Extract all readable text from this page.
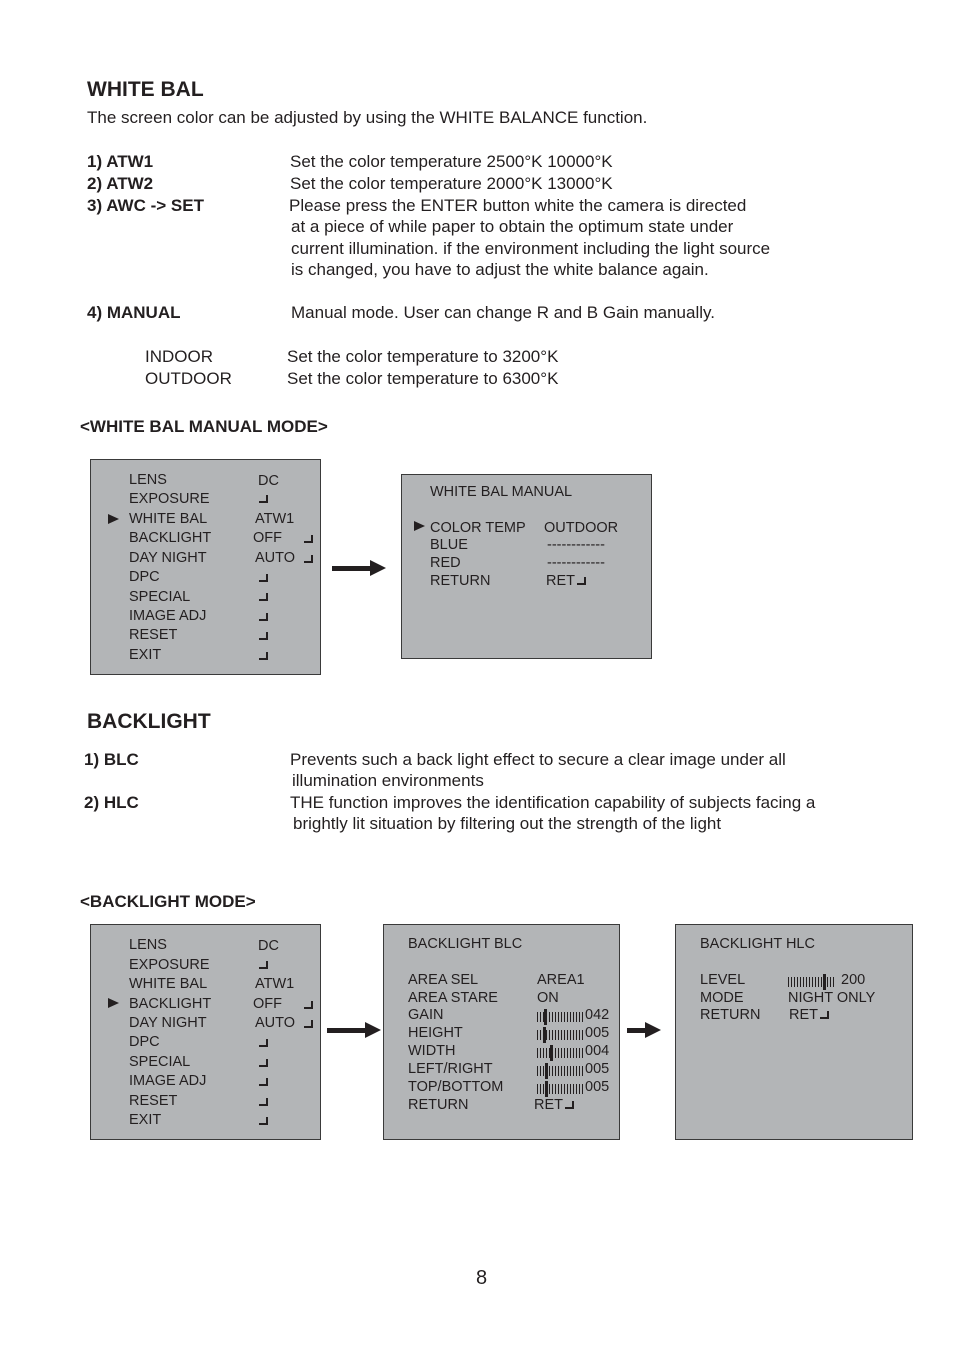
WHITE BAL
The screen color can be adjusted by using the WHITE BALANCE function.
1) ATW1	Set the color temperature 2500°K 10000°K
2) ATW2	Set the color temperature 2000°K 13000°K
3) AWC -> SET	Please press the ENTER button white the camera is directed
at a piece of while paper to obtain the optimum state under
current illumination. if the environment including the light source
is changed, you have to adjust the white balance again.
4) MANUAL	Manual mode. User can change R and B Gain manually.
INDOOR	Set the color temperature to 3200°K
OUTDOOR	Set the color temperature to 6300°K
<WHITE BAL MANUAL MODE>
LENS	DC
EXPOSURE
WHITE BAL	ATW1
BACKLIGHT	OFF
DAY NIGHT	AUTO
DPC
SPECIAL
IMAGE ADJ
RESET
EXIT
WHITE BAL MANUAL
COLOR TEMP OUTDOOR
BLUE	------------
RED	------------
RETURN	RET
BACKLIGHT
1) BLC	Prevents such a back light effect to secure a clear image under all
illumination environments
2) HLC	THE function improves the identification capability of subjects facing a
brightly lit situation by filtering out the strength of the light
<BACKLIGHT MODE>
LENS	DC
EXPOSURE
WHITE BAL	ATW1
BACKLIGHT	OFF
DAY NIGHT	AUTO
DPC
SPECIAL
IMAGE ADJ
RESET
EXIT
BACKLIGHT BLC
AREA SEL	AREA1
AREA STARE	ON
GAIN	042
HEIGHT	005
WIDTH	004
LEFT/RIGHT	005
TOP/BOTTOM	005
RETURN	RET
BACKLIGHT HLC
LEVEL	200
MODE	NIGHT ONLY
RETURN RET
8
